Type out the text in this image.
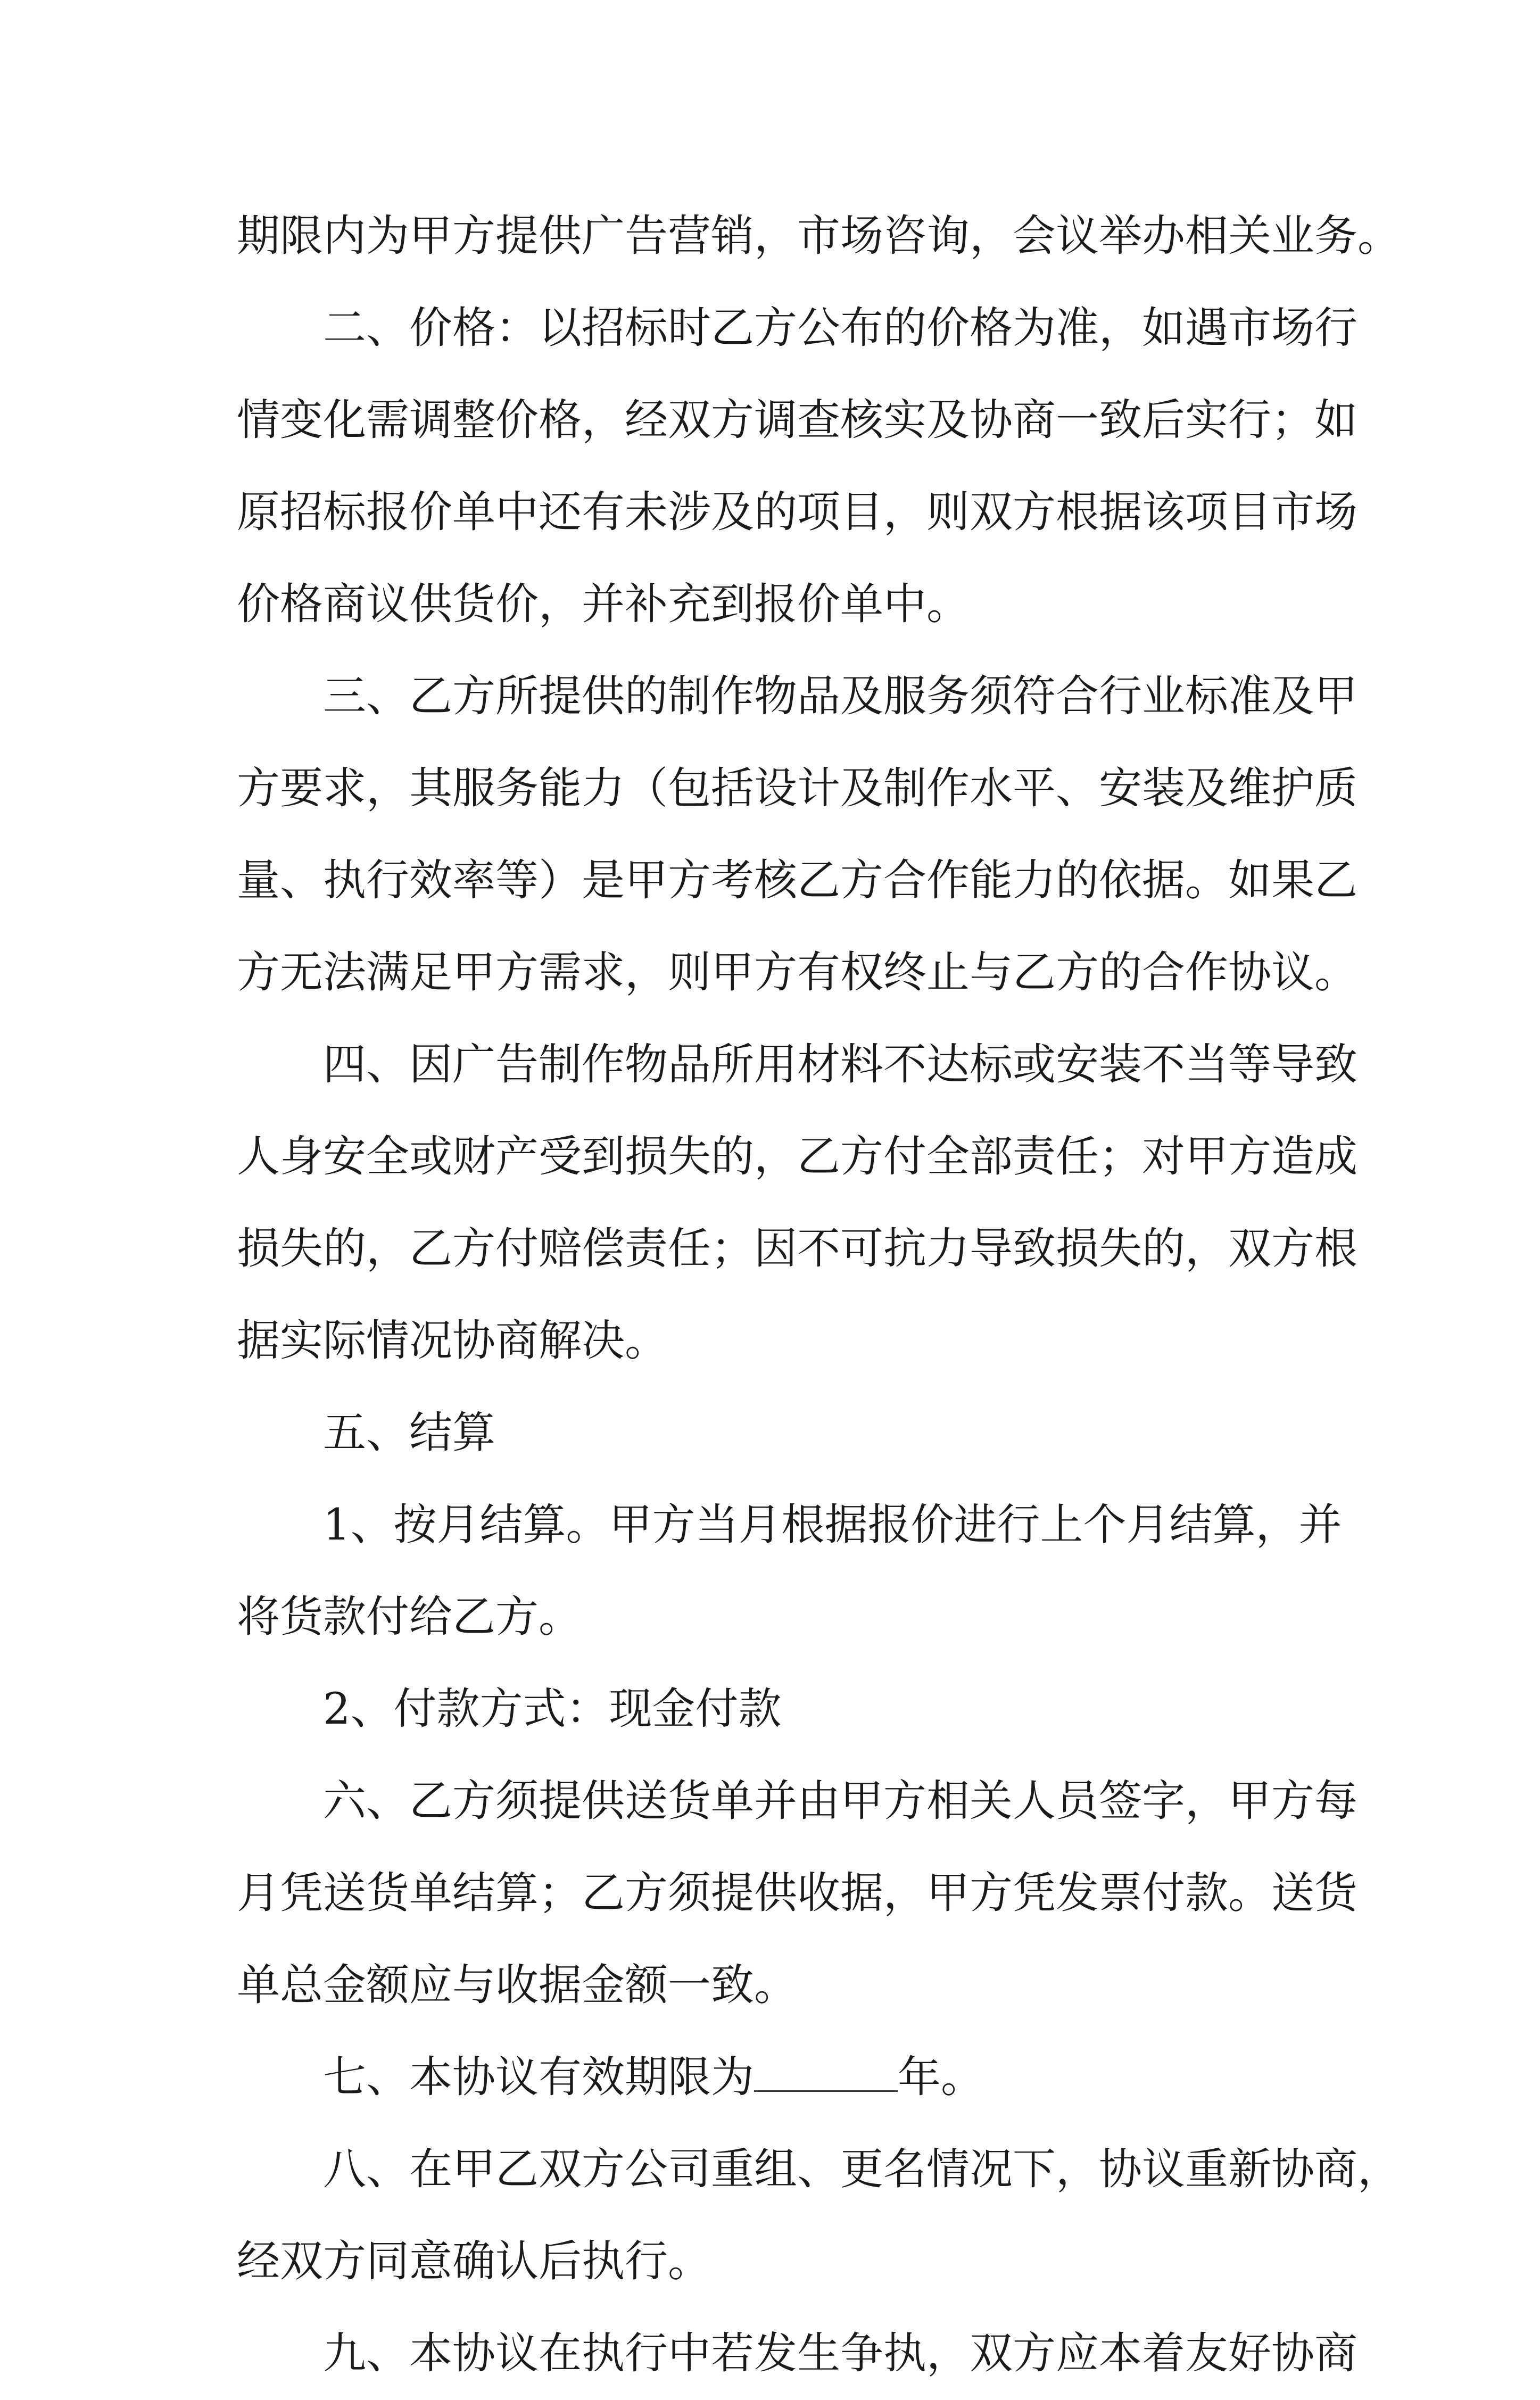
期限内为甲方提供广告营销，市场咨询，会议举办相关业务。
二、价格：以招标时乙方公布的价格为准，如遇市场行
情变化需调整价格，经双方调查核实及协商一致后实行；如
原招标报价单中还有未涉及的项目，则双方根据该项目市场
价格商议供货价，并补充到报价单中。
三、乙方所提供的制作物品及服务须符合行业标准及甲
方要求，其服务能力（包括设计及制作水平、安装及维护质
量、执行效率等）是甲方考核乙方合作能力的依据。如果乙
方无法满足甲方需求，则甲方有权终止与乙方的合作协议。
四、因广告制作物品所用材料不达标或安装不当等导致
人身安全或财产受到损失的，乙方付全部责任；对甲方造成
损失的，乙方付赔偿责任；因不可抗力导致损失的，双方根
据实际情况协商解决。
五、结算
1、按月结算。甲方当月根据报价进行上个月结算，并
将货款付给乙方。
2、付款方式：现金付款
六、乙方须提供送货单并由甲方相关人员签字，甲方每
月凭送货单结算；乙方须提供收据，甲方凭发票付款。送货
单总金额应与收据金额一致。
七、本协议有效期限为	年。
八、在甲乙双方公司重组、更名情况下，协议重新协商，
经双方同意确认后执行。
九、本协议在执行中若发生争执，双方应本着友好协商
